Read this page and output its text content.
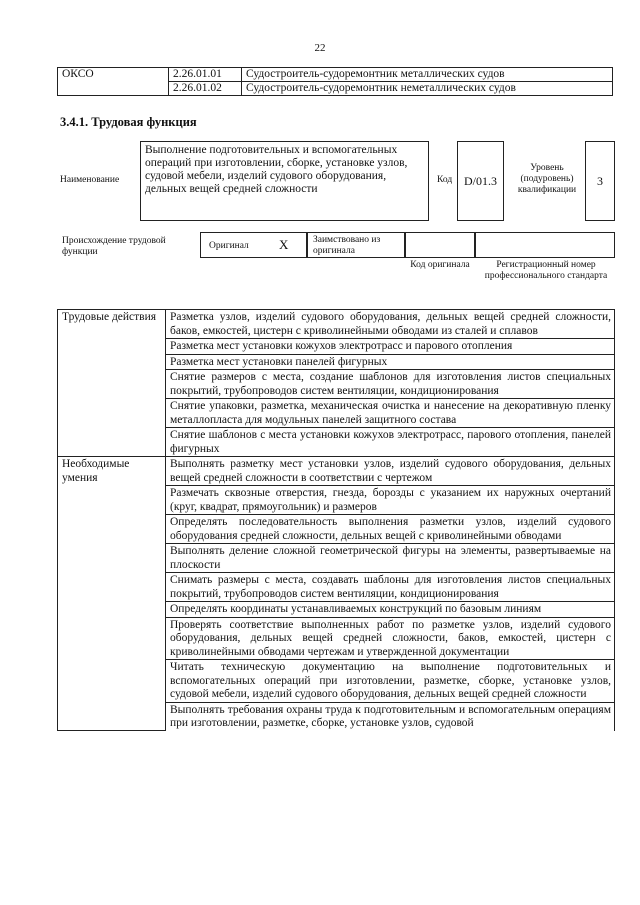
22
ОКСО	2.26.01.01	Судостроитель-судоремонтник металлических судов
	2.26.01.02	Судостроитель-судоремонтник неметаллических судов
3.4.1. Трудовая функция
Наименование
Выполнение подготовительных и вспомогательных операций при изготовлении, сборке, установке узлов, судовой мебели, изделий судового оборудования, дельных вещей средней сложности
Код D/01.3
Уровень (подуровень) квалификации
3
Происхождение трудовой функции
Оригинал X	Заимствовано из оригинала
Код оригинала	Регистрационный номер профессионального стандарта
Трудовые действия	Разметка узлов, изделий судового оборудования, дельных вещей средней сложности, баков, емкостей, цистерн с криволинейными обводами из сталей и сплавов
	Разметка мест установки кожухов электротрасс и парового отопления
	Разметка мест установки панелей фигурных
	Снятие размеров с места, создание шаблонов для изготовления листов специальных покрытий, трубопроводов систем вентиляции, кондиционирования
	Снятие упаковки, разметка, механическая очистка и нанесение на декоративную пленку металлопласта для модульных панелей защитного состава
	Снятие шаблонов с места установки кожухов электротрасс, парового отопления, панелей фигурных
Необходимые умения	Выполнять разметку мест установки узлов, изделий судового оборудования, дельных вещей средней сложности в соответствии с чертежом
	Размечать сквозные отверстия, гнезда, борозды с указанием их наружных очертаний (круг, квадрат, прямоугольник) и размеров
	Определять последовательность выполнения разметки узлов, изделий судового оборудования средней сложности, дельных вещей с криволинейными обводами
	Выполнять деление сложной геометрической фигуры на элементы, развертываемые на плоскости
	Снимать размеры с места, создавать шаблоны для изготовления листов специальных покрытий, трубопроводов систем вентиляции, кондиционирования
	Определять координаты устанавливаемых конструкций по базовым линиям
	Проверять соответствие выполненных работ по разметке узлов, изделий судового оборудования, дельных вещей средней сложности, баков, емкостей, цистерн с криволинейными обводами чертежам и утвержденной документации
	Читать техническую документацию на выполнение подготовительных и вспомогательных операций при изготовлении, разметке, сборке, установке узлов, судовой мебели, изделий судового оборудования, дельных вещей средней сложности
	Выполнять требования охраны труда к подготовительным и вспомогательным операциям при изготовлении, разметке, сборке, установке узлов, судовой
